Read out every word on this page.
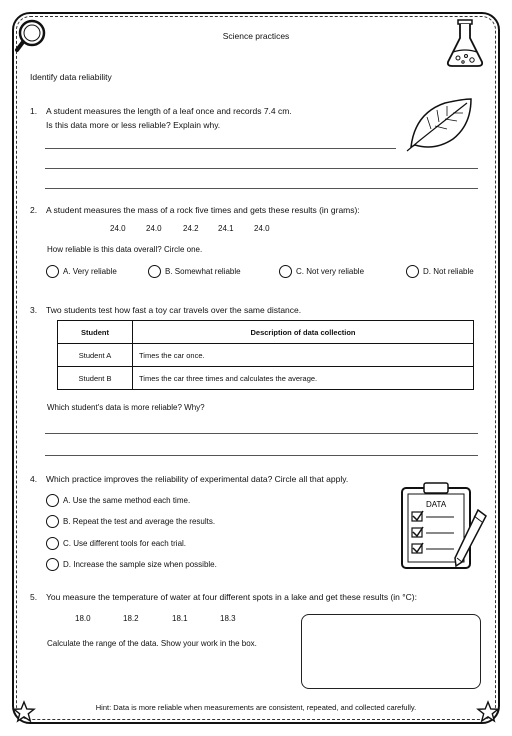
Science practices
Identify data reliability
1. A student measures the length of a leaf once and records 7.4 cm.
Is this data more or less reliable? Explain why.
2. A student measures the mass of a rock five times and gets these results (in grams):
24.0	24.0	24.2 24.1	24.0
How reliable is this data overall? Circle one.
A. Very reliable	B. Somewhat reliable	C. Not very reliable	D. Not reliable
3. Two students test how fast a toy car travels over the same distance.
Student	Description of data collection
Student A	Times the car once.
Student B	Times the car three times and calculates the average.
Which student's data is more reliable? Why?
4. Which practice improves the reliability of experimental data? Circle all that apply.
A. Use the same method each time.
B. Repeat the test and average the results.
C. Use different tools for each trial.
D. Increase the sample size when possible.
DATA
5. You measure the temperature of water at four different spots in a lake and get these results (in °C):
18.0	18.2	18.1	18.3
Calculate the range of the data. Show your work in the box.
Hint: Data is more reliable when measurements are consistent, repeated, and collected carefully.
